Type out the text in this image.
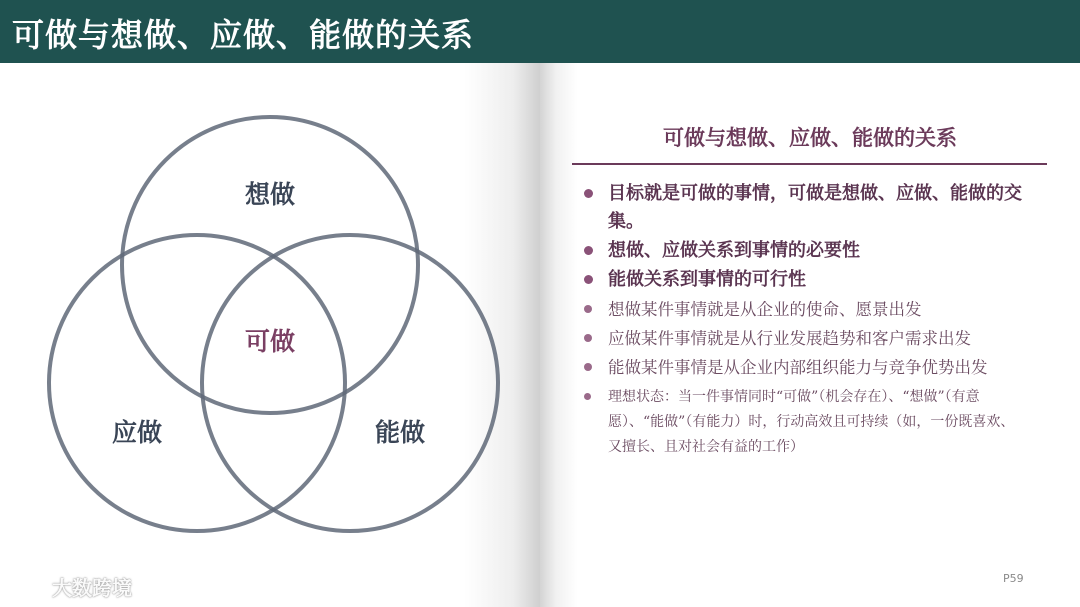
可做与想做、应做、能做的关系
想做
应做	能做
可做
可做与想做、应做、能做的关系
目标就是可做的事情，可做是想做、应做、能做的交集。
想做、应做关系到事情的必要性
能做关系到事情的可行性
想做某件事情就是从企业的使命、愿景出发
应做某件事情就是从行业发展趋势和客户需求出发
能做某件事情是从企业内部组织能力与竞争优势出发
理想状态：当一件事情同时“可做”（机会存在）、“想做”（有意愿）、“能做”（有能力）时，行动高效且可持续（如，一份既喜欢、又擅长、且对社会有益的工作）
P59
大数跨境
